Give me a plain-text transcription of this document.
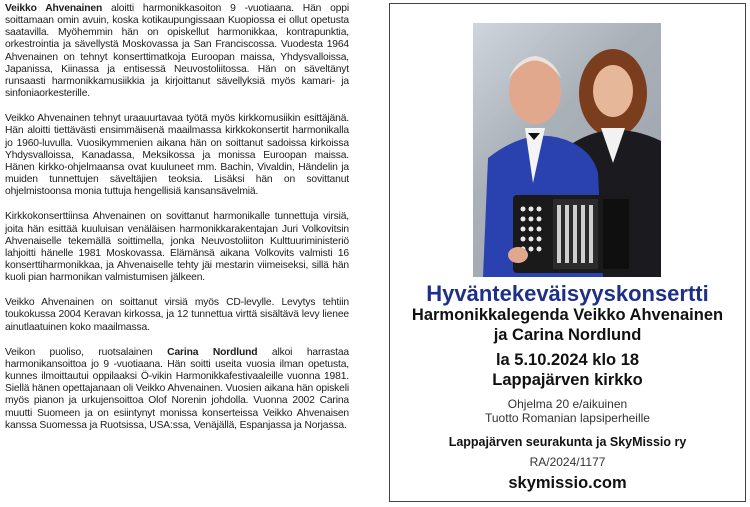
Veikko Ahvenainen aloitti harmonikkasoiton 9 -vuotiaana. Hän oppi soittamaan omin avuin, koska kotikaupungissaan Kuopiossa ei ollut opetusta saatavilla. Myöhemmin hän on opiskellut harmonikkaa, kontrapunktia, orkestrointia ja sävellystä Moskovassa ja San Franciscossa. Vuodesta 1964 Ahvenainen on tehnyt konserttimatkoja Euroopan maissa, Yhdysvalloissa, Japanissa, Kiinassa ja entisessä Neuvostoliitossa. Hän on säveltänyt runsaasti harmonikkamusiikkia ja kirjoittanut sävellyksiä myös kamari- ja sinfoniaorkesterille.

Veikko Ahvenainen tehnyt uraauurtavaa työtä myös kirkkomusiikin esittäjänä. Hän aloitti tiettävästi ensimmäisenä maailmassa kirkkokonsertit harmonikalla jo 1960-luvulla. Vuosikymmenien aikana hän on soittanut sadoissa kirkoissa Yhdysvalloissa, Kanadassa, Meksikossa ja monissa Euroopan maissa. Hänen kirkko-ohjelmaansa ovat kuuluneet mm. Bachin, Vivaldin, Händelin ja muiden tunnettujen säveltäjien teoksia. Lisäksi hän on sovittanut ohjelmistoonsa monia tuttuja hengellisiä kansansävelmiä.

Kirkkokonserttiinsa Ahvenainen on sovittanut harmonikalle tunnettuja virsiä, joita hän esittää kuuluisan venäläisen harmonikkarakentajan Juri Volkovitsin Ahvenaiselle tekemällä soittimella, jonka Neuvostoliiton Kulttuuriministeriö lahjoitti hänelle 1981 Moskovassa. Elämänsä aikana Volkovits valmisti 16 konserttiharmonikkaa, ja Ahvenaiselle tehty jäi mestarin viimeiseksi, sillä hän kuoli pian harmonikan valmistumisen jälkeen.

Veikko Ahvenainen on soittanut virsiä myös CD-levylle. Levytys tehtiin toukokussa 2004 Keravan kirkossa, ja 12 tunnettua virttä sisältävä levy lienee ainutlaatuinen koko maailmassa.

Veikon puoliso, ruotsalainen Carina Nordlund alkoi harrastaa harmonikansoittoa jo 9 -vuotiaana. Hän soitti useita vuosia ilman opetusta, kunnes ilmoittautui oppilaaksi Ö-vikin Harmonikkafestivaaleille vuonna 1981. Siellä hänen opettajanaan oli Veikko Ahvenainen. Vuosien aikana hän opiskeli myös pianon ja urkujensoittoa Olof Norenin johdolla. Vuonna 2002 Carina muutti Suomeen ja on esiintynyt monissa konserteissa Veikko Ahvenaisen kanssa Suomessa ja Ruotsissa, USA:ssa, Venäjällä, Espanjassa ja Norjassa.

Hyväntekeväisyyskonsertti
Harmonikkalegenda Veikko Ahvenainen
ja Carina Nordlund
la 5.10.2024 klo 18
Lappajärven kirkko
Ohjelma 20 e/aikuinen
Tuotto Romanian lapsiperheille
Lappajärven seurakunta ja SkyMissio ry
RA/2024/1177
skymissio.com
